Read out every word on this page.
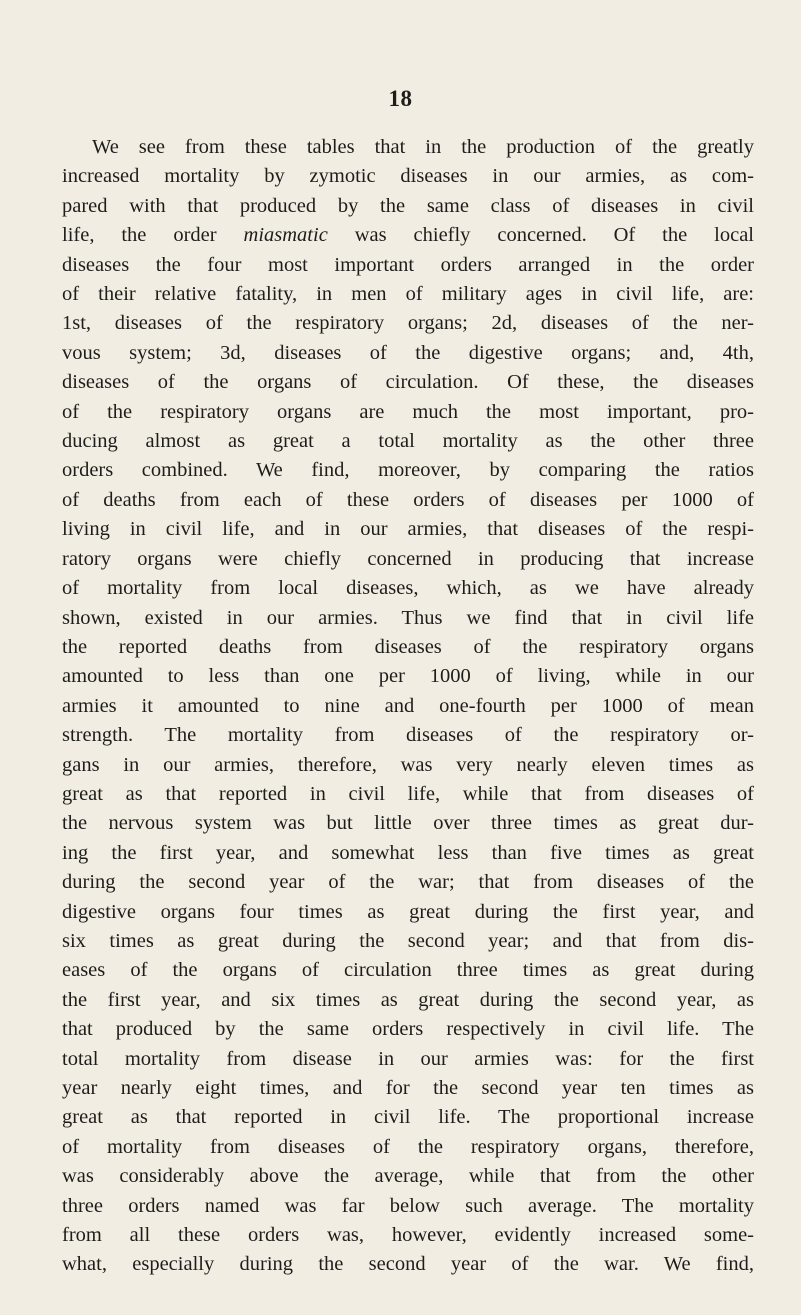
18
We see from these tables that in the production of the greatly
increased mortality by zymotic diseases in our armies, as com-
pared with that produced by the same class of diseases in civil
life, the order miasmatic was chiefly concerned. Of the local
diseases the four most important orders arranged in the order
of their relative fatality, in men of military ages in civil life, are:
1st, diseases of the respiratory organs; 2d, diseases of the ner-
vous system; 3d, diseases of the digestive organs; and, 4th,
diseases of the organs of circulation. Of these, the diseases
of the respiratory organs are much the most important, pro-
ducing almost as great a total mortality as the other three
orders combined. We find, moreover, by comparing the ratios
of deaths from each of these orders of diseases per 1000 of
living in civil life, and in our armies, that diseases of the respi-
ratory organs were chiefly concerned in producing that increase
of mortality from local diseases, which, as we have already
shown, existed in our armies. Thus we find that in civil life
the reported deaths from diseases of the respiratory organs
amounted to less than one per 1000 of living, while in our
armies it amounted to nine and one-fourth per 1000 of mean
strength. The mortality from diseases of the respiratory or-
gans in our armies, therefore, was very nearly eleven times as
great as that reported in civil life, while that from diseases of
the nervous system was but little over three times as great dur-
ing the first year, and somewhat less than five times as great
during the second year of the war; that from diseases of the
digestive organs four times as great during the first year, and
six times as great during the second year; and that from dis-
eases of the organs of circulation three times as great during
the first year, and six times as great during the second year, as
that produced by the same orders respectively in civil life. The
total mortality from disease in our armies was: for the first
year nearly eight times, and for the second year ten times as
great as that reported in civil life. The proportional increase
of mortality from diseases of the respiratory organs, therefore,
was considerably above the average, while that from the other
three orders named was far below such average. The mortality
from all these orders was, however, evidently increased some-
what, especially during the second year of the war. We find,
